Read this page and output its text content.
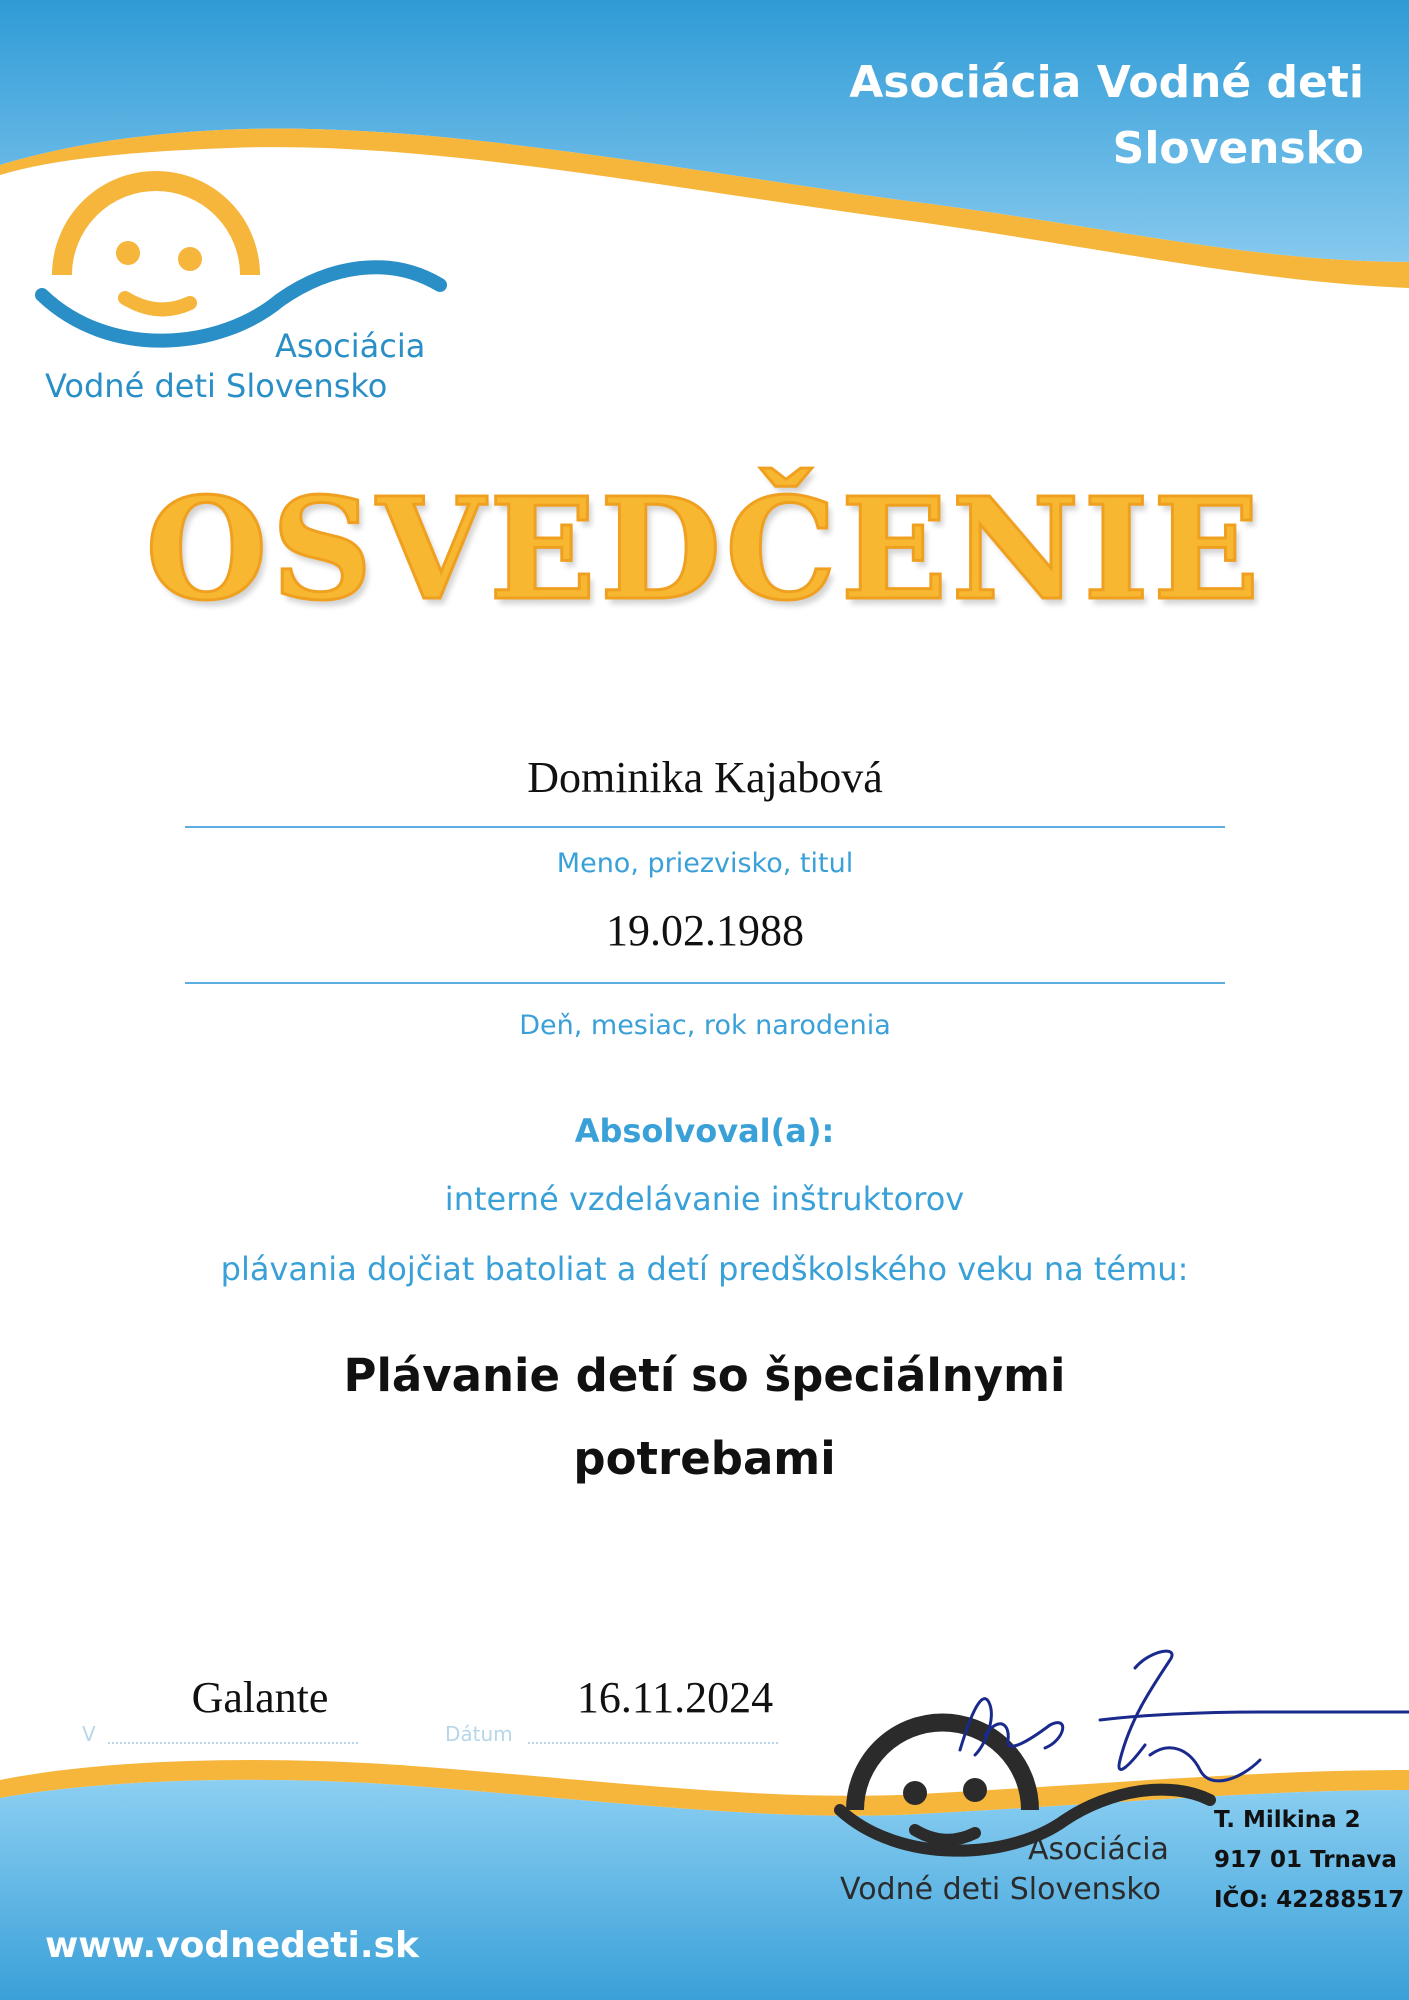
Asociácia Vodné deti
Slovensko
Asociácia
Vodné deti Slovensko
OSVEDČENIE
Dominika Kajabová
Meno, priezvisko, titul
19.02.1988
Deň, mesiac, rok narodenia
Absolvoval(a):
interné vzdelávanie inštruktorov
plávania dojčiat batoliat a detí predškolského veku na tému:
Plávanie detí so špeciálnymi
potrebami
V
Galante
Dátum
16.11.2024
Asociácia
Vodné deti Slovensko
T. Milkina 2
917 01 Trnava
IČO: 42288517
www.vodnedeti.sk
